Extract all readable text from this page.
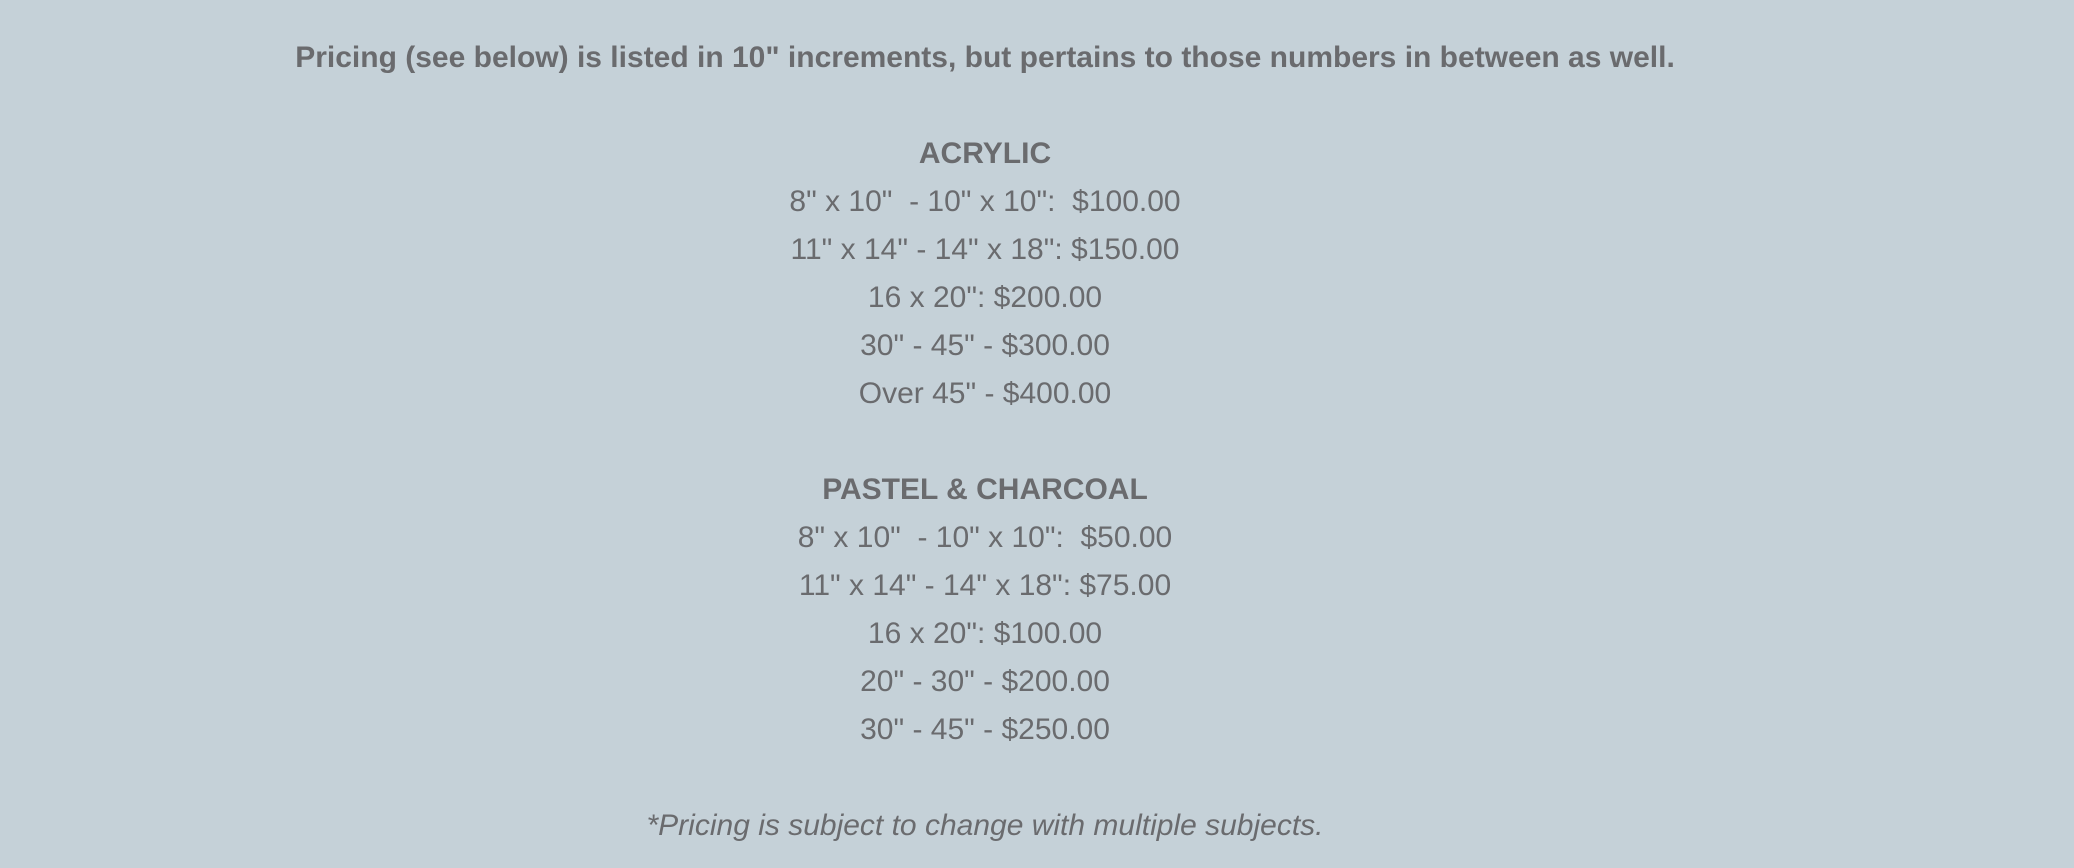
Pricing (see below) is listed in 10" increments, but pertains to those numbers in between as well.
ACRYLIC
8" x 10"  - 10" x 10":  $100.00
11" x 14" - 14" x 18": $150.00
16 x 20": $200.00
30" - 45" - $300.00
Over 45" - $400.00
PASTEL & CHARCOAL
8" x 10"  - 10" x 10":  $50.00
11" x 14" - 14" x 18": $75.00
16 x 20": $100.00
20" - 30" - $200.00
30" - 45" - $250.00
*Pricing is subject to change with multiple subjects.
